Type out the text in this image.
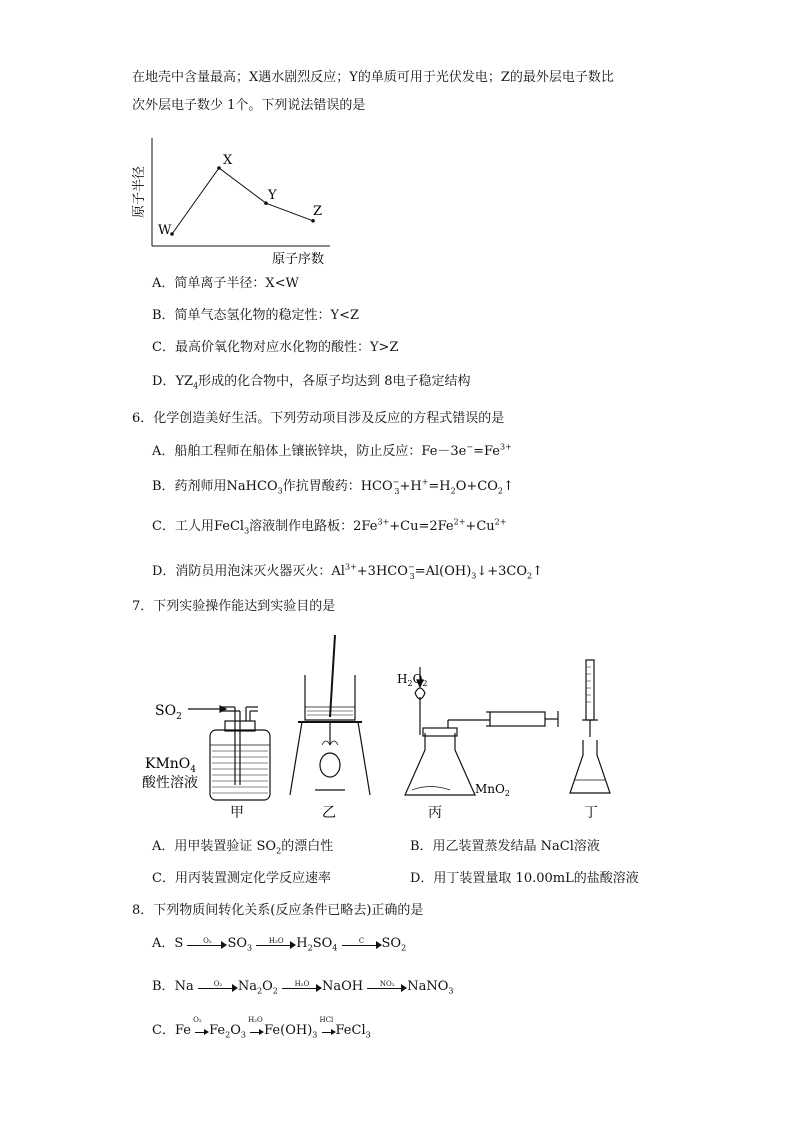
在地壳中含量最高；X遇水剧烈反应；Y的单质可用于光伏发电；Z的最外层电子数比
次外层电子数少 1个。下列说法错误的是
W
X
Y
Z
原子半径
原子序数
A．简单离子半径：X<W
B．简单气态氢化物的稳定性：Y<Z
C．最高价氧化物对应水化物的酸性：Y>Z
D．$YZ_4$形成的化合物中，各原子均达到 8电子稳定结构
6．化学创造美好生活。下列劳动项目涉及反应的方程式错误的是
A．船舶工程师在船体上镶嵌锌块，防止反应：$Fe-3e^-=Fe^{3+}$
B．药剂师用NaHCO$_3$作抗胃酸药：$HCO^-_3+H^+=H_2O+CO_2↑$
C．工人用FeCl$_3$溶液制作电路板：$2Fe^{3+}+Cu=2Fe^{2+}+Cu^{2+}$
D．消防员用泡沫灭火器灭火：$Al^{3+}+3HCO^-_3=Al(OH)_3↓+3CO_2↑$
7．下列实验操作能达到实验目的是
$SO_2$
KMnO$_4$
酸性溶液
甲	乙
$H_2O_2$
MnO$_2$
丙	丁
A．用甲装置验证 $SO_2$的漂白性	B．用乙装置蒸发结晶 NaCl溶液
C．用丙装置测定化学反应速率	D．用丁装置量取 10.00mL的盐酸溶液
8．下列物质间转化关系(反应条件已略去)正确的是
A．S	O₂	$SO_3$
H₂O $H_2SO_4$
C	$SO_2$
B．Na	O₂	$Na_2O_2$
H₂O NaOH	NO₂ NaNO$_3$
C．Fe
O₂
$Fe_2O_3$
H₂O
$Fe(OH)_3$
HCl
FeCl$_3$
